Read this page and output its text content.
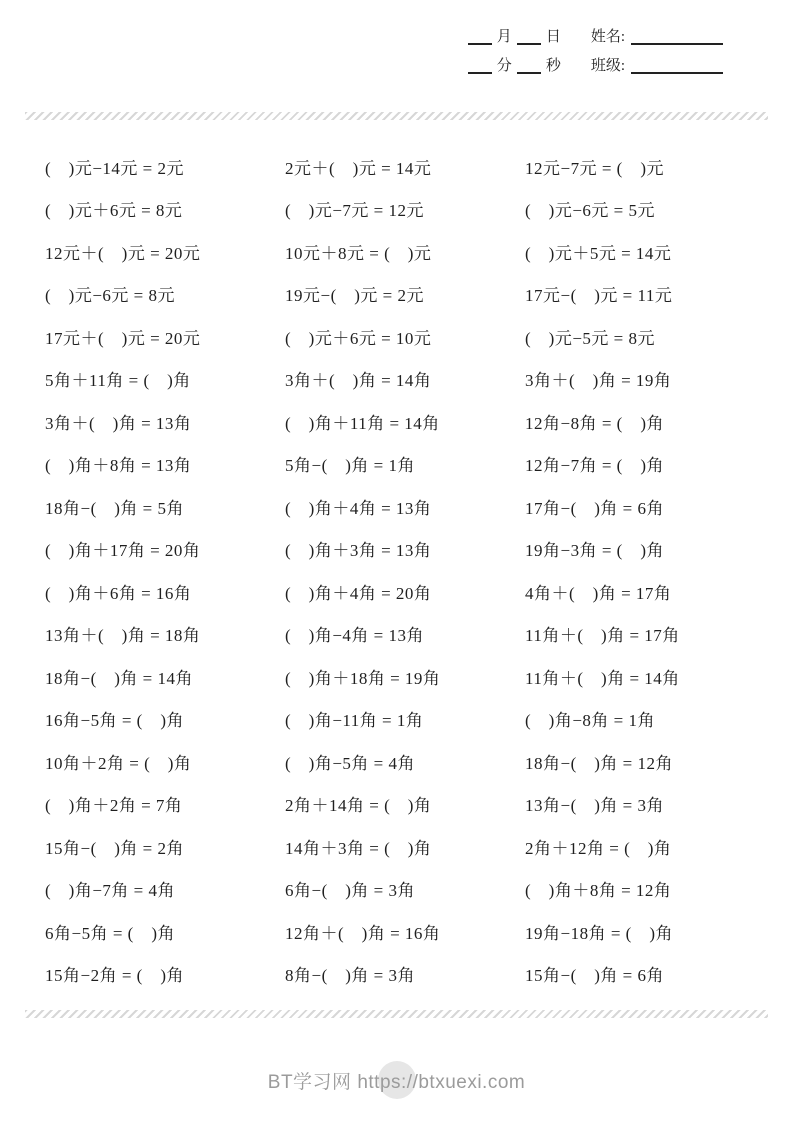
月 日 姓名:
分 秒 班级:
(　)元−14元 = 2元	2元＋(　)元 = 14元	12元−7元 = (　)元
(　)元＋6元 = 8元	(　)元−7元 = 12元	(　)元−6元 = 5元
12元＋(　)元 = 20元	10元＋8元 = (　)元	(　)元＋5元 = 14元
(　)元−6元 = 8元	19元−(　)元 = 2元	17元−(　)元 = 11元
17元＋(　)元 = 20元	(　)元＋6元 = 10元	(　)元−5元 = 8元
5角＋11角 = (　)角	3角＋(　)角 = 14角	3角＋(　)角 = 19角
3角＋(　)角 = 13角	(　)角＋11角 = 14角	12角−8角 = (　)角
(　)角＋8角 = 13角	5角−(　)角 = 1角	12角−7角 = (　)角
18角−(　)角 = 5角	(　)角＋4角 = 13角	17角−(　)角 = 6角
(　)角＋17角 = 20角	(　)角＋3角 = 13角	19角−3角 = (　)角
(　)角＋6角 = 16角	(　)角＋4角 = 20角	4角＋(　)角 = 17角
13角＋(　)角 = 18角	(　)角−4角 = 13角	11角＋(　)角 = 17角
18角−(　)角 = 14角	(　)角＋18角 = 19角	11角＋(　)角 = 14角
16角−5角 = (　)角	(　)角−11角 = 1角	(　)角−8角 = 1角
10角＋2角 = (　)角	(　)角−5角 = 4角	18角−(　)角 = 12角
(　)角＋2角 = 7角	2角＋14角 = (　)角	13角−(　)角 = 3角
15角−(　)角 = 2角	14角＋3角 = (　)角	2角＋12角 = (　)角
(　)角−7角 = 4角	6角−(　)角 = 3角	(　)角＋8角 = 12角
6角−5角 = (　)角	12角＋(　)角 = 16角	19角−18角 = (　)角
15角−2角 = (　)角	8角−(　)角 = 3角	15角−(　)角 = 6角
BT学习网 https://btxuexi.com
